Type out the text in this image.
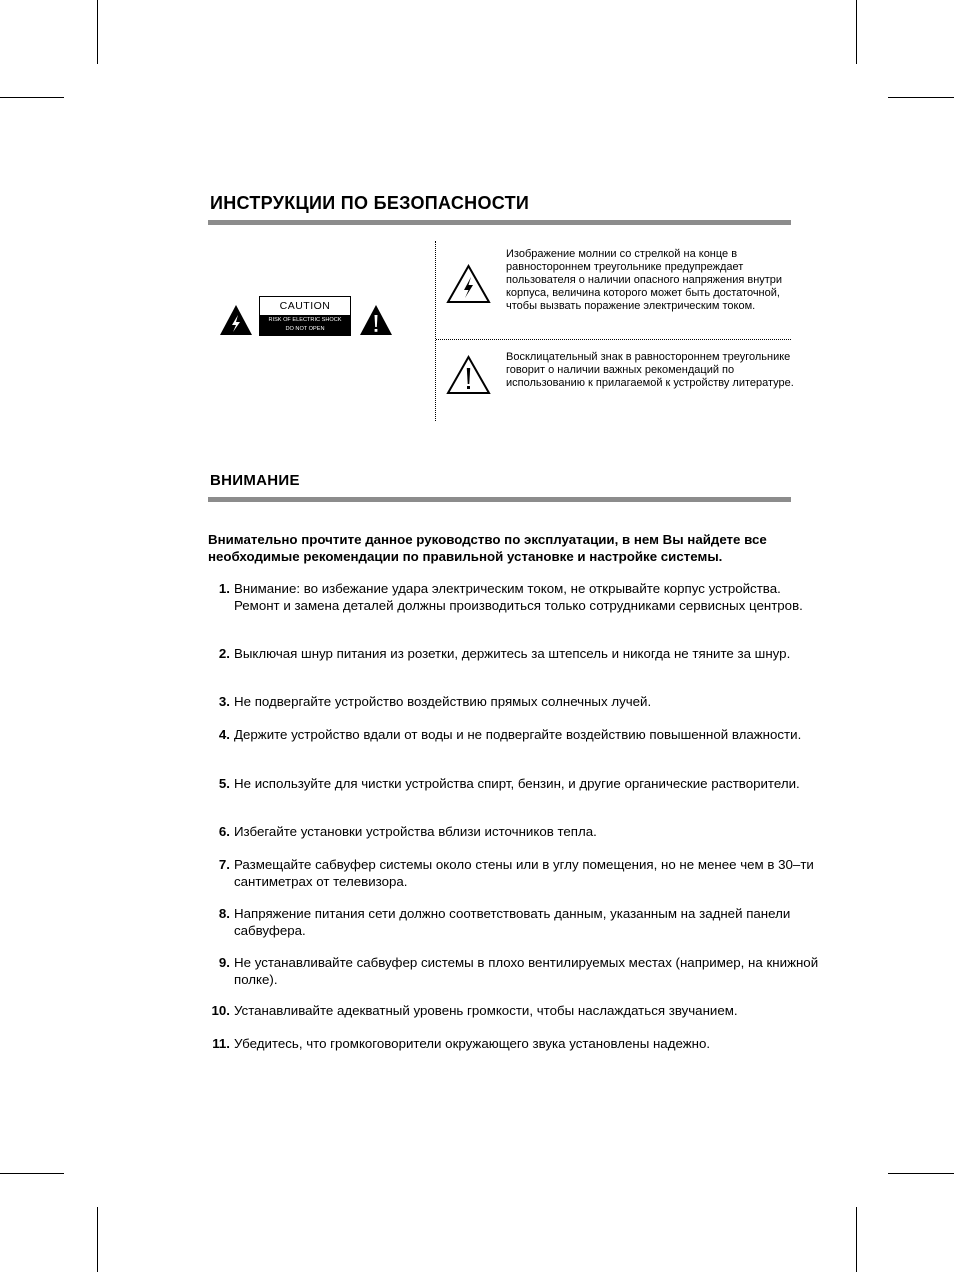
ИНСТРУКЦИИ ПО БЕЗОПАСНОСТИ
CAUTION
RISK OF ELECTRIC SHOCK
DO NOT OPEN
Изображение молнии со стрелкой на конце в равностороннем треугольнике предупреждает пользователя о наличии опасного напряжения внутри корпуса, величина которого может быть достаточной, чтобы вызвать поражение электрическим током.
Восклицательный знак в равностороннем треугольнике говорит о наличии важных рекомендаций по использованию к прилагаемой к устройству литературе.
ВНИМАНИЕ
Внимательно прочтите данное руководство по эксплуатации, в нем Вы найдете все необходимые рекомендации по правильной установке и настройке системы.
1. Внимание: во избежание удара электрическим током, не открывайте корпус устройства. Ремонт и замена деталей должны производиться только сотрудниками сервисных центров.
2. Выключая шнур питания из розетки, держитесь за штепсель и никогда не тяните за шнур.
3. Не подвергайте устройство воздействию прямых солнечных лучей.
4. Держите устройство вдали от воды и не подвергайте воздействию повышенной влажности.
5. Не используйте для чистки устройства спирт, бензин, и другие органические растворители.
6. Избегайте установки устройства вблизи источников тепла.
7. Размещайте сабвуфер системы около стены или в углу помещения, но не менее чем в 30–ти сантиметрах от телевизора.
8. Напряжение питания сети должно соответствовать данным, указанным на задней панели сабвуфера.
9. Не устанавливайте сабвуфер системы в плохо вентилируемых местах (например, на книжной полке).
10. Устанавливайте адекватный уровень громкости, чтобы наслаждаться звучанием.
11. Убедитесь, что громкоговорители окружающего звука установлены надежно.
